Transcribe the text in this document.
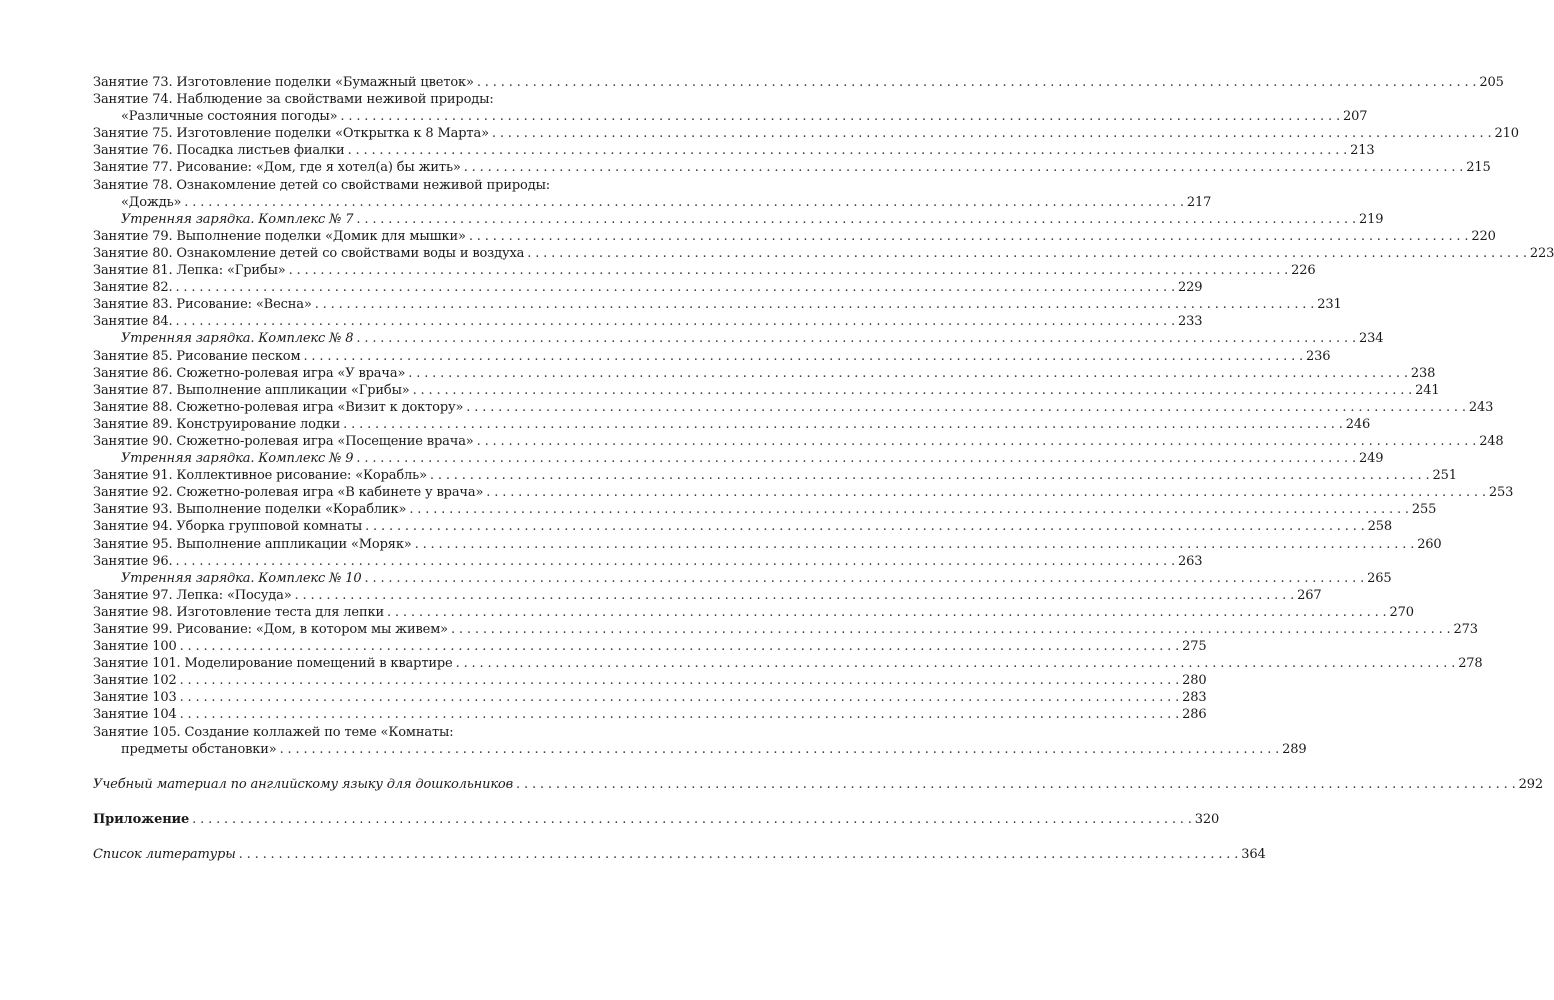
Занятие 73. Изготовление поделки «Бумажный цветок» . . .	205
Занятие 74. Наблюдение за свойствами неживой природы:
«Различные состояния погоды» . . .	207
Занятие 75. Изготовление поделки «Открытка к 8 Марта» . . .	210
Занятие 76. Посадка листьев фиалки . . .	213
Занятие 77. Рисование: «Дом, где я хотел(а) бы жить» . . .	215
Занятие 78. Ознакомление детей со свойствами неживой природы:
«Дождь» . . .	217
Утренняя зарядка. Комплекс № 7 . . .	219
Занятие 79. Выполнение поделки «Домик для мышки» . . .	220
Занятие 80. Ознакомление детей со свойствами воды и воздуха . . .	223
Занятие 81. Лепка: «Грибы» . . .	226
Занятие 82. . . .	229
Занятие 83. Рисование: «Весна» . . .	231
Занятие 84. . . .	233
Утренняя зарядка. Комплекс № 8 . . .	234
Занятие 85. Рисование песком . . .	236
Занятие 86. Сюжетно-ролевая игра «У врача» . . .	238
Занятие 87. Выполнение аппликации «Грибы» . . .	241
Занятие 88. Сюжетно-ролевая игра «Визит к доктору» . . .	243
Занятие 89. Конструирование лодки . . .	246
Занятие 90. Сюжетно-ролевая игра «Посещение врача» . . .	248
Утренняя зарядка. Комплекс № 9 . . .	249
Занятие 91. Коллективное рисование: «Корабль» . . .	251
Занятие 92. Сюжетно-ролевая игра «В кабинете у врача» . . .	253
Занятие 93. Выполнение поделки «Кораблик» . . .	255
Занятие 94. Уборка групповой комнаты . . .	258
Занятие 95. Выполнение аппликации «Моряк» . . .	260
Занятие 96. . . .	263
Утренняя зарядка. Комплекс № 10 . . .	265
Занятие 97. Лепка: «Посуда» . . .	267
Занятие 98. Изготовление теста для лепки . . .	270
Занятие 99. Рисование: «Дом, в котором мы живем» . . .	273
Занятие 100 . . .	275
Занятие 101. Моделирование помещений в квартире . . .	278
Занятие 102 . . .	280
Занятие 103 . . .	283
Занятие 104 . . .	286
Занятие 105. Создание коллажей по теме «Комнаты:
предметы обстановки» . . .	289
Учебный материал по английскому языку для дошкольников . . .	292
Приложение . . .	320
Список литературы . . .	364
